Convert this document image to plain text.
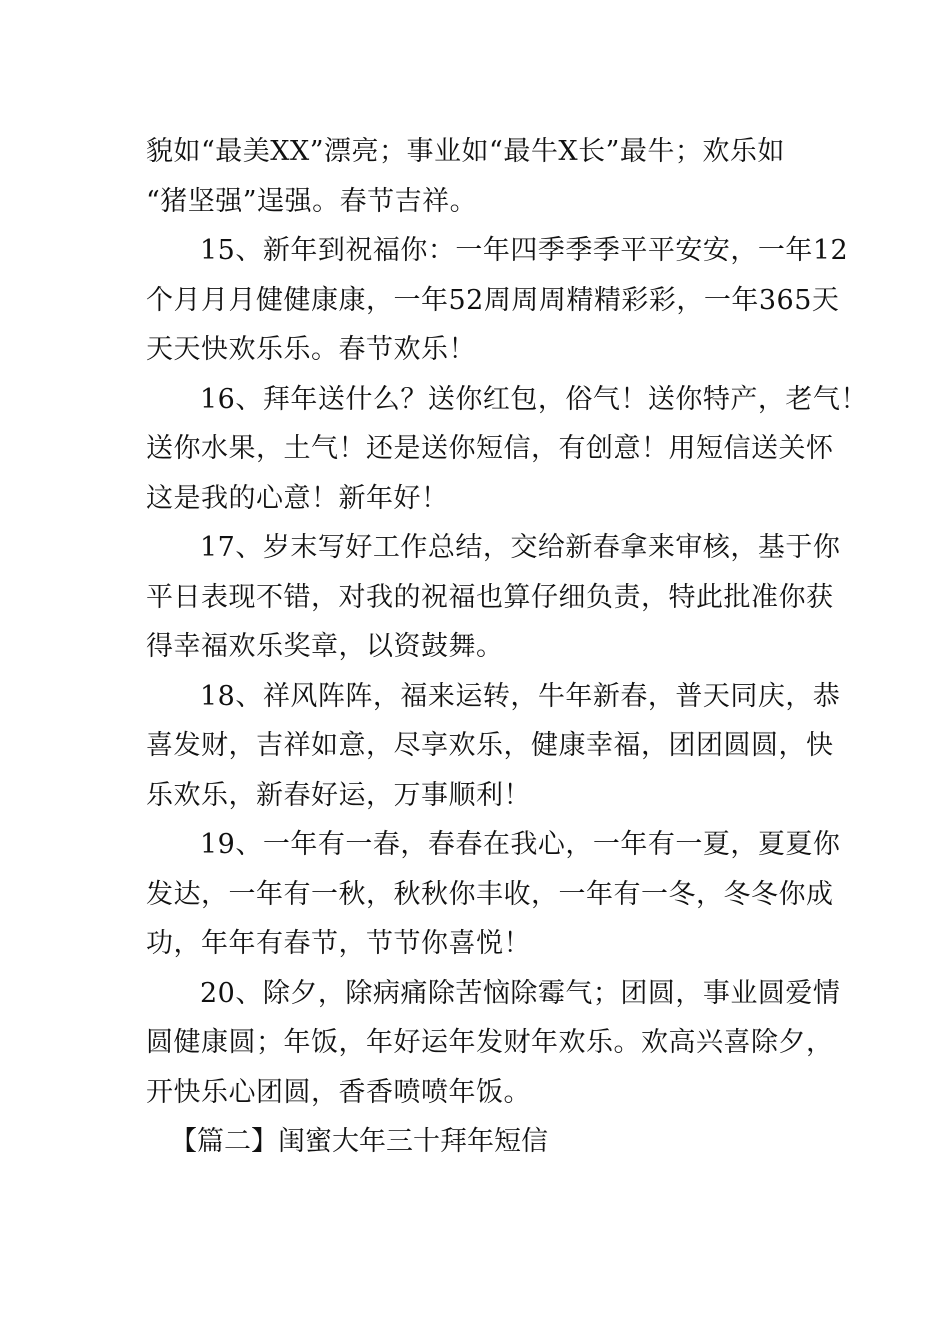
貌如“最美XX”漂亮；事业如“最牛X长”最牛；欢乐如
“猪坚强”逞强。春节吉祥。

15、新年到祝福你：一年四季季季平平安安，一年12
个月月月健健康康，一年52周周周精精彩彩，一年365天
天天快欢乐乐。春节欢乐！

16、拜年送什么？送你红包，俗气！送你特产，老气！
送你水果，土气！还是送你短信，有创意！用短信送关怀
这是我的心意！新年好！

17、岁末写好工作总结，交给新春拿来审核，基于你
平日表现不错，对我的祝福也算仔细负责，特此批准你获
得幸福欢乐奖章，以资鼓舞。

18、祥风阵阵，福来运转，牛年新春，普天同庆，恭
喜发财，吉祥如意，尽享欢乐，健康幸福，团团圆圆，快
乐欢乐，新春好运，万事顺利！

19、一年有一春，春春在我心，一年有一夏，夏夏你
发达，一年有一秋，秋秋你丰收，一年有一冬，冬冬你成
功，年年有春节，节节你喜悦！

20、除夕，除病痛除苦恼除霉气；团圆，事业圆爱情
圆健康圆；年饭，年好运年发财年欢乐。欢高兴喜除夕，
开快乐心团圆，香香喷喷年饭。

【篇二】闺蜜大年三十拜年短信
